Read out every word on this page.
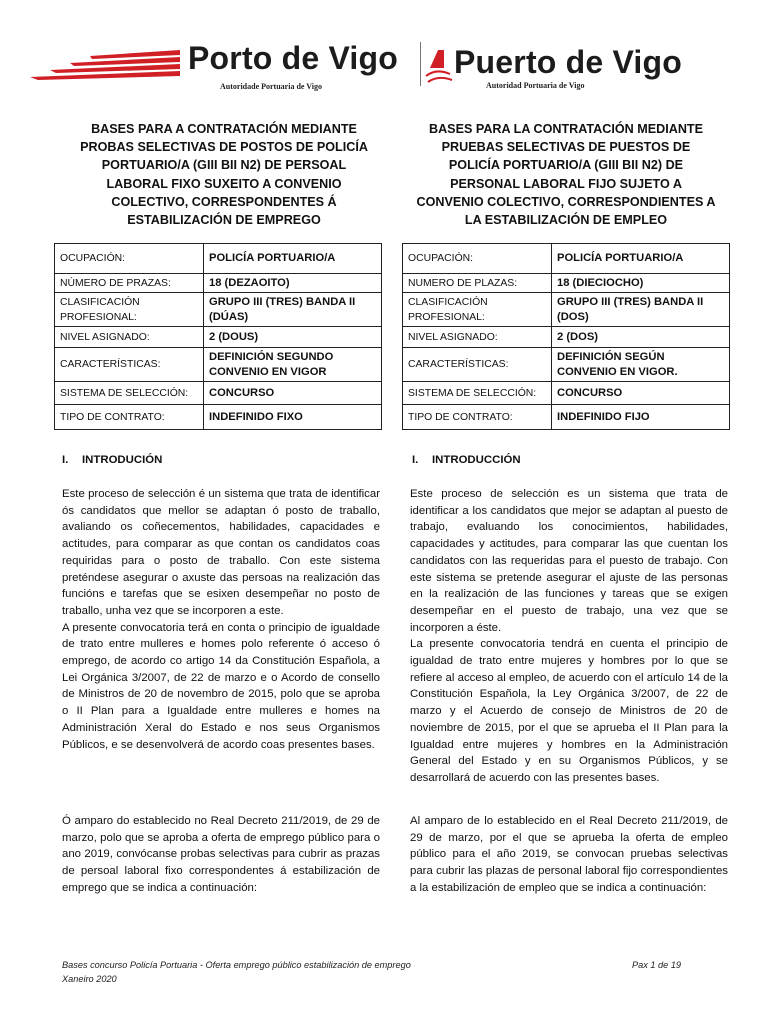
Porto de Vigo
Autoridade Portuaria de Vigo
Puerto de Vigo
Autoridad Portuaria de Vigo
BASES PARA A CONTRATACIÓN MEDIANTE PROBAS SELECTIVAS DE POSTOS DE POLICÍA PORTUARIO/A (GIII BII N2) DE PERSOAL LABORAL FIXO SUXEITO A CONVENIO COLECTIVO, CORRESPONDENTES Á ESTABILIZACIÓN DE EMPREGO
BASES PARA LA CONTRATACIÓN MEDIANTE PRUEBAS SELECTIVAS DE PUESTOS DE POLICÍA PORTUARIO/A (GIII BII N2) DE PERSONAL LABORAL FIJO SUJETO A CONVENIO COLECTIVO, CORRESPONDIENTES A LA ESTABILIZACIÓN DE EMPLEO
OCUPACIÓN:	POLICÍA PORTUARIO/A
NÚMERO DE PRAZAS:	18 (DEZAOITO)
CLASIFICACIÓN PROFESIONAL:	GRUPO III (TRES) BANDA II (DÚAS)
NIVEL ASIGNADO:	2 (DOUS)
CARACTERÍSTICAS:	DEFINICIÓN SEGUNDO CONVENIO EN VIGOR
SISTEMA DE SELECCIÓN:	CONCURSO
TIPO DE CONTRATO:	INDEFINIDO FIXO
OCUPACIÓN:	POLICÍA PORTUARIO/A
NUMERO DE PLAZAS:	18 (DIECIOCHO)
CLASIFICACIÓN PROFESIONAL:	GRUPO III (TRES) BANDA II (DOS)
NIVEL ASIGNADO:	2 (DOS)
CARACTERÍSTICAS:	DEFINICIÓN SEGÚN CONVENIO EN VIGOR.
SISTEMA DE SELECCIÓN:	CONCURSO
TIPO DE CONTRATO:	INDEFINIDO FIJO
I. INTRODUCIÓN	I. INTRODUCCIÓN

Este proceso de selección é un sistema que trata de identificar ós candidatos que mellor se adaptan ó posto de traballo, avaliando os coñecementos, habilidades, capacidades e actitudes, para comparar as que contan os candidatos coas requiridas para o posto de traballo. Con este sistema preténdese asegurar o axuste das persoas na realización das funcións e tarefas que se esixen desempeñar no posto de traballo, unha vez que se incorporen a este.

A presente convocatoria terá en conta o principio de igualdade de trato entre mulleres e homes polo referente ó acceso ó emprego, de acordo co artigo 14 da Constitución Española, a Lei Orgánica 3/2007, de 22 de marzo e o Acordo de consello de Ministros de 20 de novembro de 2015, polo que se aproba o II Plan para a Igualdade entre mulleres e homes na Administración Xeral do Estado e nos seus Organismos Públicos, e se desenvolverá de acordo coas presentes bases.

Ó amparo do establecido no Real Decreto 211/2019, de 29 de marzo, polo que se aproba a oferta de emprego público para o ano 2019, convócanse probas selectivas para cubrir as prazas de persoal laboral fixo correspondentes á estabilización de emprego que se indica a continuación:

Este proceso de selección es un sistema que trata de identificar a los candidatos que mejor se adaptan al puesto de trabajo, evaluando los conocimientos, habilidades, capacidades y actitudes, para comparar las que cuentan los candidatos con las requeridas para el puesto de trabajo. Con este sistema se pretende asegurar el ajuste de las personas en la realización de las funciones y tareas que se exigen desempeñar en el puesto de trabajo, una vez que se incorporen a éste.

La presente convocatoria tendrá en cuenta el principio de igualdad de trato entre mujeres y hombres por lo que se refiere al acceso al empleo, de acuerdo con el artículo 14 de la Constitución Española, la Ley Orgánica 3/2007, de 22 de marzo y el Acuerdo de consejo de Ministros de 20 de noviembre de 2015, por el que se aprueba el II Plan para la Igualdad entre mujeres y hombres en la Administración General del Estado y en su Organismos Públicos, y se desarrollará de acuerdo con las presentes bases.

Al amparo de lo establecido en el Real Decreto 211/2019, de 29 de marzo, por el que se aprueba la oferta de empleo público para el año 2019, se convocan pruebas selectivas para cubrir las plazas de personal laboral fijo correspondientes a la estabilización de empleo que se indica a continuación:

Bases concurso Policía Portuaria - Oferta emprego público estabilización de emprego
Xaneiro 2020
Pax 1 de 19
